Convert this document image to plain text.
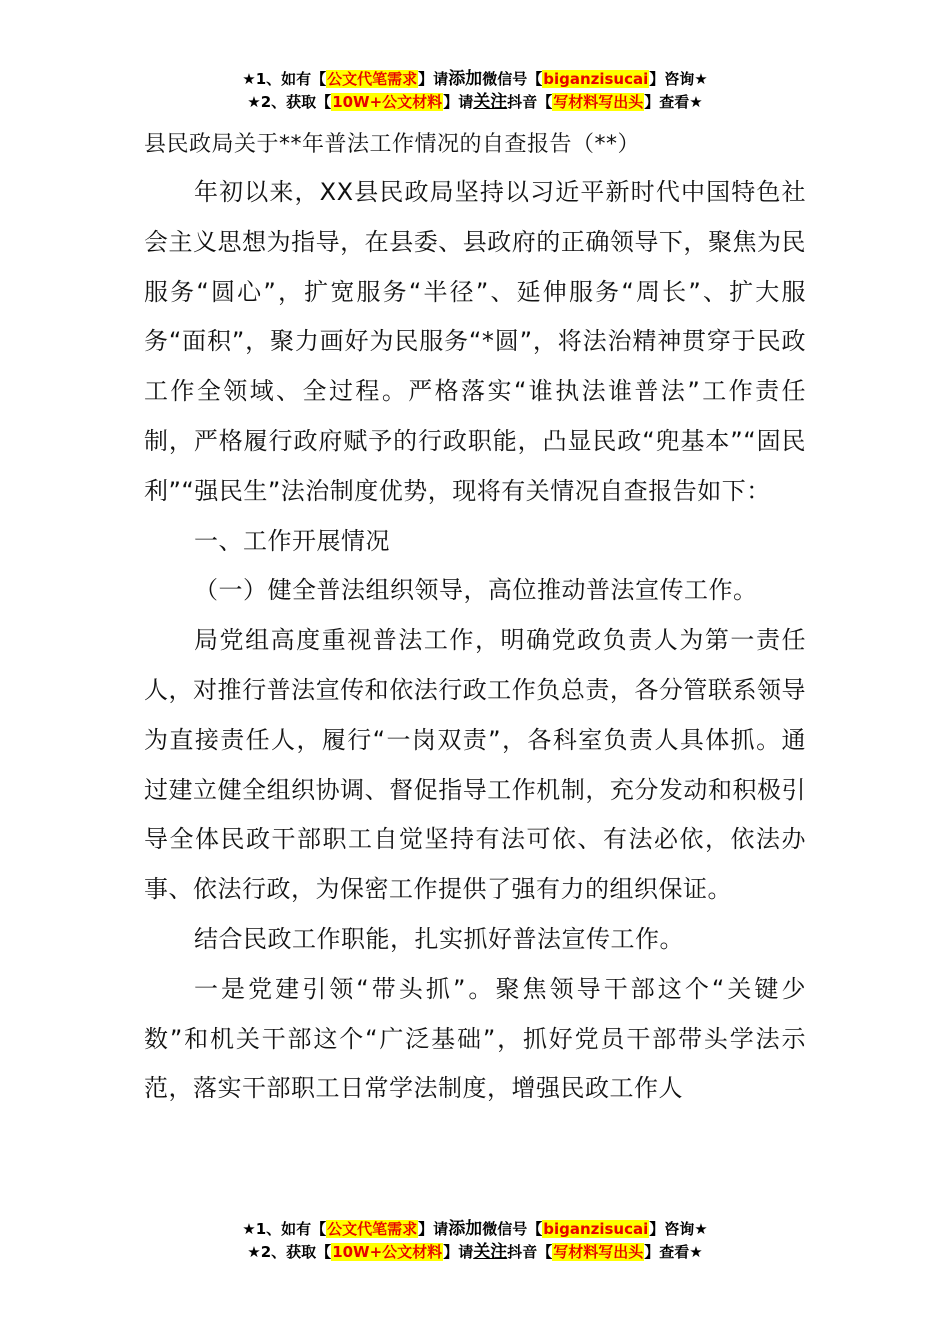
★1、如有【公文代笔需求】请添加微信号【biganzisucai】咨询★
★2、获取【10W+公文材料】请关注抖音【写材料写出头】查看★

县民政局关于**年普法工作情况的自查报告（**）

年初以来，XX县民政局坚持以习近平新时代中国特色社会主义思想为指导，在县委、县政府的正确领导下，聚焦为民服务“圆心”，扩宽服务“半径”、延伸服务“周长”、扩大服务“面积”，聚力画好为民服务“*圆”，将法治精神贯穿于民政工作全领域、全过程。严格落实“谁执法谁普法”工作责任制，严格履行政府赋予的行政职能，凸显民政“兜基本”“固民利”“强民生”法治制度优势，现将有关情况自查报告如下：

一、工作开展情况

（一）健全普法组织领导，高位推动普法宣传工作。

局党组高度重视普法工作，明确党政负责人为第一责任人，对推行普法宣传和依法行政工作负总责，各分管联系领导为直接责任人，履行“一岗双责”，各科室负责人具体抓。通过建立健全组织协调、督促指导工作机制，充分发动和积极引导全体民政干部职工自觉坚持有法可依、有法必依，依法办事、依法行政，为保密工作提供了强有力的组织保证。

结合民政工作职能，扎实抓好普法宣传工作。

一是党建引领“带头抓”。聚焦领导干部这个“关键少数”和机关干部这个“广泛基础”，抓好党员干部带头学法示范，落实干部职工日常学法制度，增强民政工作人

★1、如有【公文代笔需求】请添加微信号【biganzisucai】咨询★
★2、获取【10W+公文材料】请关注抖音【写材料写出头】查看★
